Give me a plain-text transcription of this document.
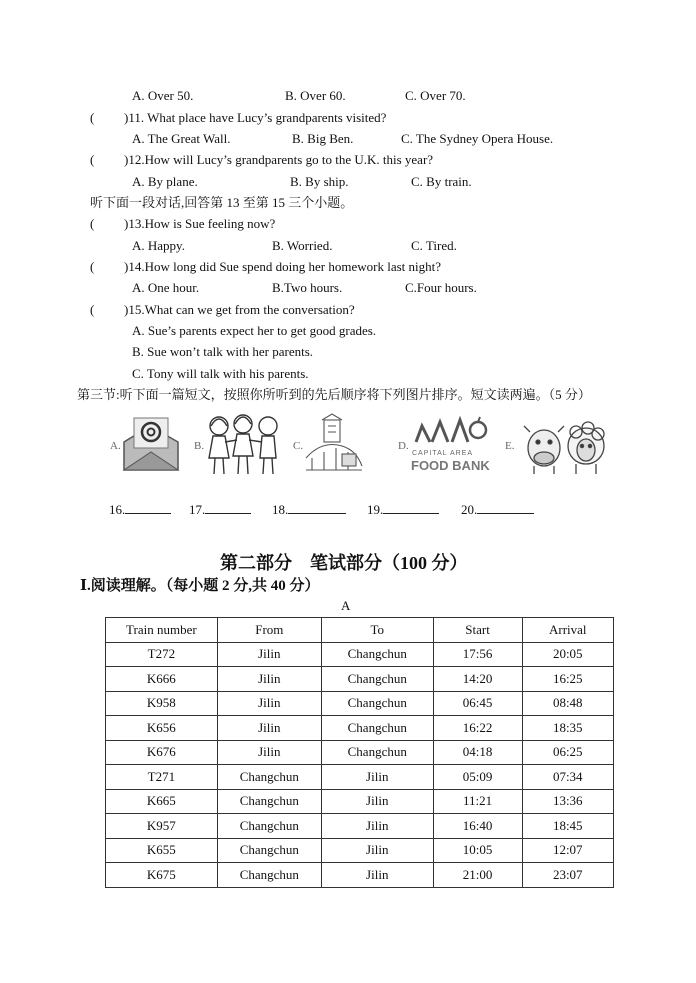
A. Over 50.	B. Over 60.	C. Over 70.
( )11. What place have Lucy’s grandparents visited?
A. The Great Wall.	B. Big Ben.	C. The Sydney Opera House.
( )12.How will Lucy’s grandparents go to the U.K. this year?
A. By plane.	B. By ship.	C. By train.
听下面一段对话,回答第 13 至第 15 三个小题。
( )13.How is Sue feeling now?
A. Happy.	B. Worried.	C. Tired.
( )14.How long did Sue spend doing her homework last night?
A. One hour.	B.Two hours.	C.Four hours.
( )15.What can we get from the conversation?
A. Sue’s parents expect her to get good grades.
B. Sue won’t talk with her parents.
C. Tony will talk with his parents.
第三节:听下面一篇短文，按照你所听到的先后顺序将下列图片排序。短文读两遍。（5 分）
A.	B.	C.	D.
CAPITAL AREA
FOOD BANK
E.
16.	17.	18.	19.	20.
第二部分　笔试部分（100 分）
Ⅰ.阅读理解。（每小题 2 分,共 40 分）
A
Train number	From	To	Start	Arrival
T272	Jilin	Changchun	17:56	20:05
K666	Jilin	Changchun	14:20	16:25
K958	Jilin	Changchun	06:45	08:48
K656	Jilin	Changchun	16:22	18:35
K676	Jilin	Changchun	04:18	06:25
T271	Changchun	Jilin	05:09	07:34
K665	Changchun	Jilin	11:21	13:36
K957	Changchun	Jilin	16:40	18:45
K655	Changchun	Jilin	10:05	12:07
K675	Changchun	Jilin	21:00	23:07
